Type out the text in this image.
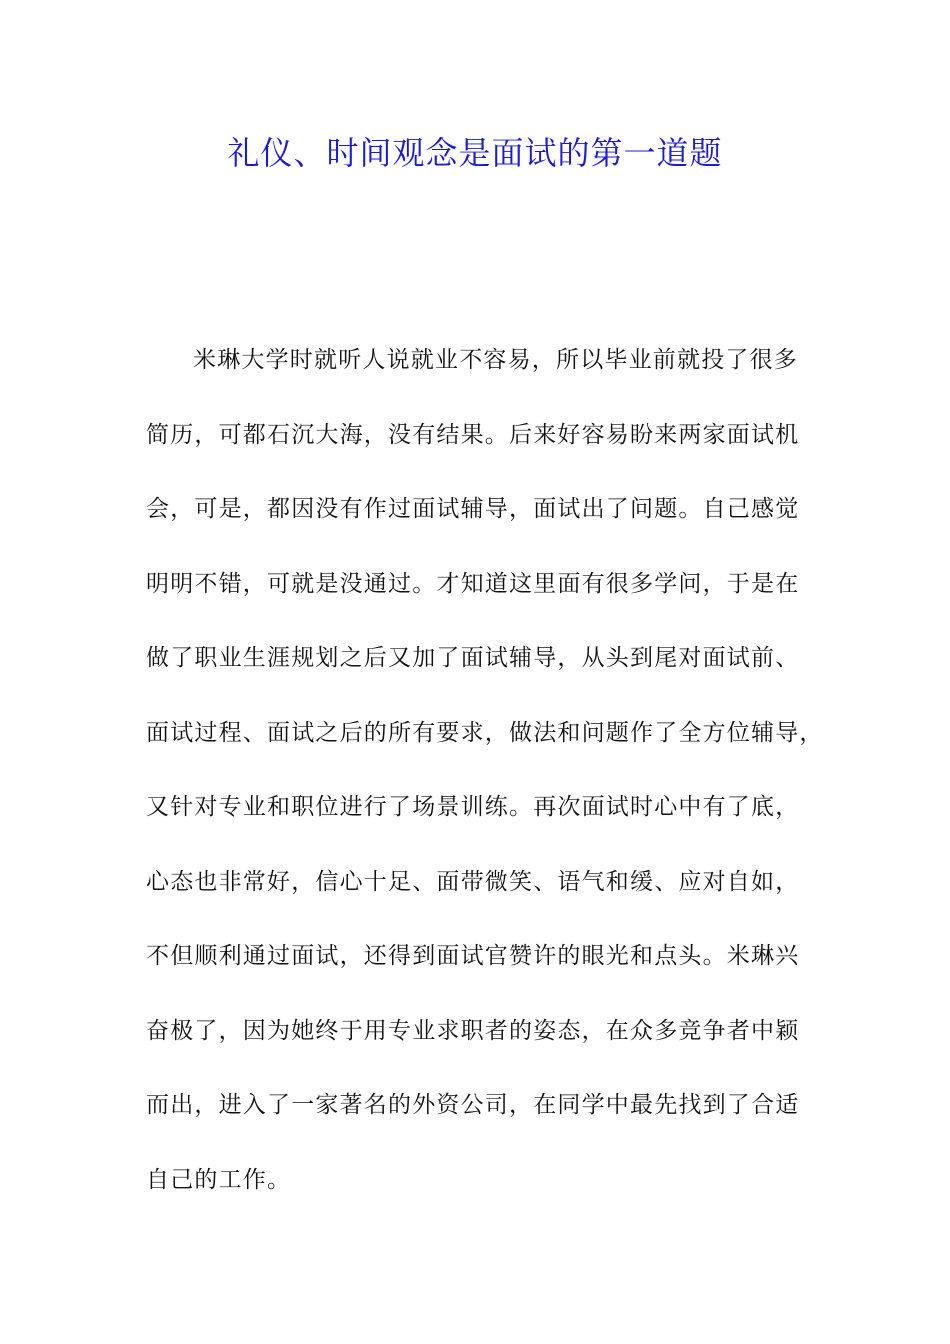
礼仪、时间观念是面试的第一道题
米琳大学时就听人说就业不容易，所以毕业前就投了很多
简历，可都石沉大海，没有结果。后来好容易盼来两家面试机
会，可是，都因没有作过面试辅导，面试出了问题。自己感觉
明明不错，可就是没通过。才知道这里面有很多学问，于是在
做了职业生涯规划之后又加了面试辅导，从头到尾对面试前、
面试过程、面试之后的所有要求，做法和问题作了全方位辅导，
又针对专业和职位进行了场景训练。再次面试时心中有了底，
心态也非常好，信心十足、面带微笑、语气和缓、应对自如，
不但顺利通过面试，还得到面试官赞许的眼光和点头。米琳兴
奋极了，因为她终于用专业求职者的姿态，在众多竞争者中颖
而出，进入了一家著名的外资公司，在同学中最先找到了合适
自己的工作。
